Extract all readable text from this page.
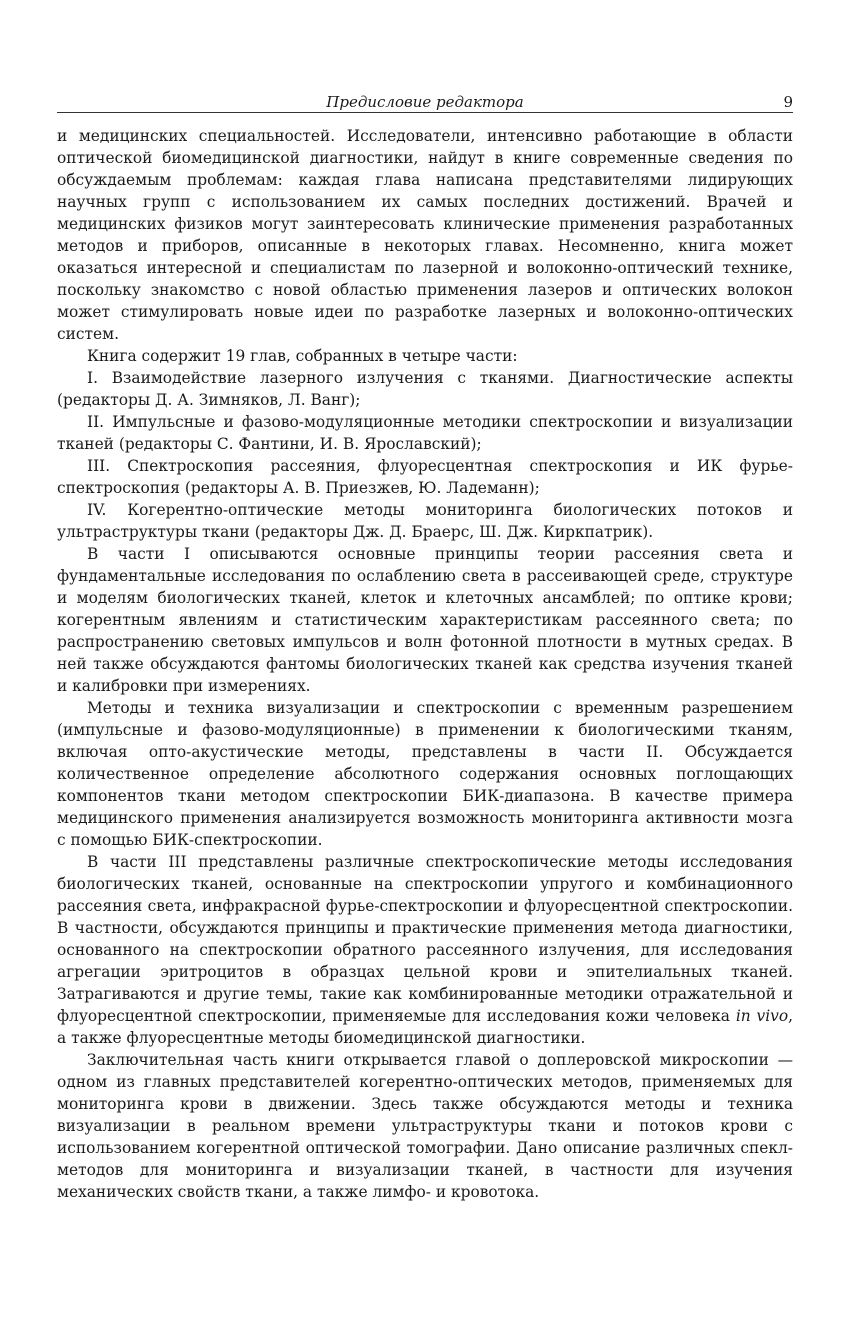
Предисловие редактора	9

и медицинских специальностей. Исследователи, интенсивно работающие в области оптической биомедицинской диагностики, найдут в книге современные сведения по обсуждаемым проблемам: каждая глава написана представителями лидирующих научных групп с использованием их самых последних достижений. Врачей и медицинских физиков могут заинтересовать клинические применения разработанных методов и приборов, описанные в некоторых главах. Несомненно, книга может оказаться интересной и специалистам по лазерной и волоконно-оптический технике, поскольку знакомство с новой областью применения лазеров и оптических волокон может стимулировать новые идеи по разработке лазерных и волоконно-оптических систем.

Книга содержит 19 глав, собранных в четыре части:

I. Взаимодействие лазерного излучения с тканями. Диагностические аспекты (редакторы Д. А. Зимняков, Л. Ванг);

II. Импульсные и фазово-модуляционные методики спектроскопии и визуализации тканей (редакторы С. Фантини, И. В. Ярославский);

III. Спектроскопия рассеяния, флуоресцентная спектроскопия и ИК фурье-спектроскопия (редакторы А. В. Приезжев, Ю. Ладеманн);

IV. Когерентно-оптические методы мониторинга биологических потоков и ультраструктуры ткани (редакторы Дж. Д. Браерс, Ш. Дж. Киркпатрик).

В части I описываются основные принципы теории рассеяния света и фундаментальные исследования по ослаблению света в рассеивающей среде, структуре и моделям биологических тканей, клеток и клеточных ансамблей; по оптике крови; когерентным явлениям и статистическим характеристикам рассеянного света; по распространению световых импульсов и волн фотонной плотности в мутных средах. В ней также обсуждаются фантомы биологических тканей как средства изучения тканей и калибровки при измерениях.

Методы и техника визуализации и спектроскопии с временным разрешением (импульсные и фазово-модуляционные) в применении к биологическими тканям, включая опто-акустические методы, представлены в части II. Обсуждается количественное определение абсолютного содержания основных поглощающих компонентов ткани методом спектроскопии БИК-диапазона. В качестве примера медицинского применения анализируется возможность мониторинга активности мозга с помощью БИК-спектроскопии.

В части III представлены различные спектроскопические методы исследования биологических тканей, основанные на спектроскопии упругого и комбинационного рассеяния света, инфракрасной фурье-спектроскопии и флуоресцентной спектроскопии. В частности, обсуждаются принципы и практические применения метода диагностики, основанного на спектроскопии обратного рассеянного излучения, для исследования агрегации эритроцитов в образцах цельной крови и эпителиальных тканей. Затрагиваются и другие темы, такие как комбинированные методики отражательной и флуоресцентной спектроскопии, применяемые для исследования кожи человека in vivo, а также флуоресцентные методы биомедицинской диагностики.

Заключительная часть книги открывается главой о доплеровской микроскопии — одном из главных представителей когерентно-оптических методов, применяемых для мониторинга крови в движении. Здесь также обсуждаются методы и техника визуализации в реальном времени ультраструктуры ткани и потоков крови с использованием когерентной оптической томографии. Дано описание различных спекл-методов для мониторинга и визуализации тканей, в частности для изучения механических свойств ткани, а также лимфо- и кровотока.
